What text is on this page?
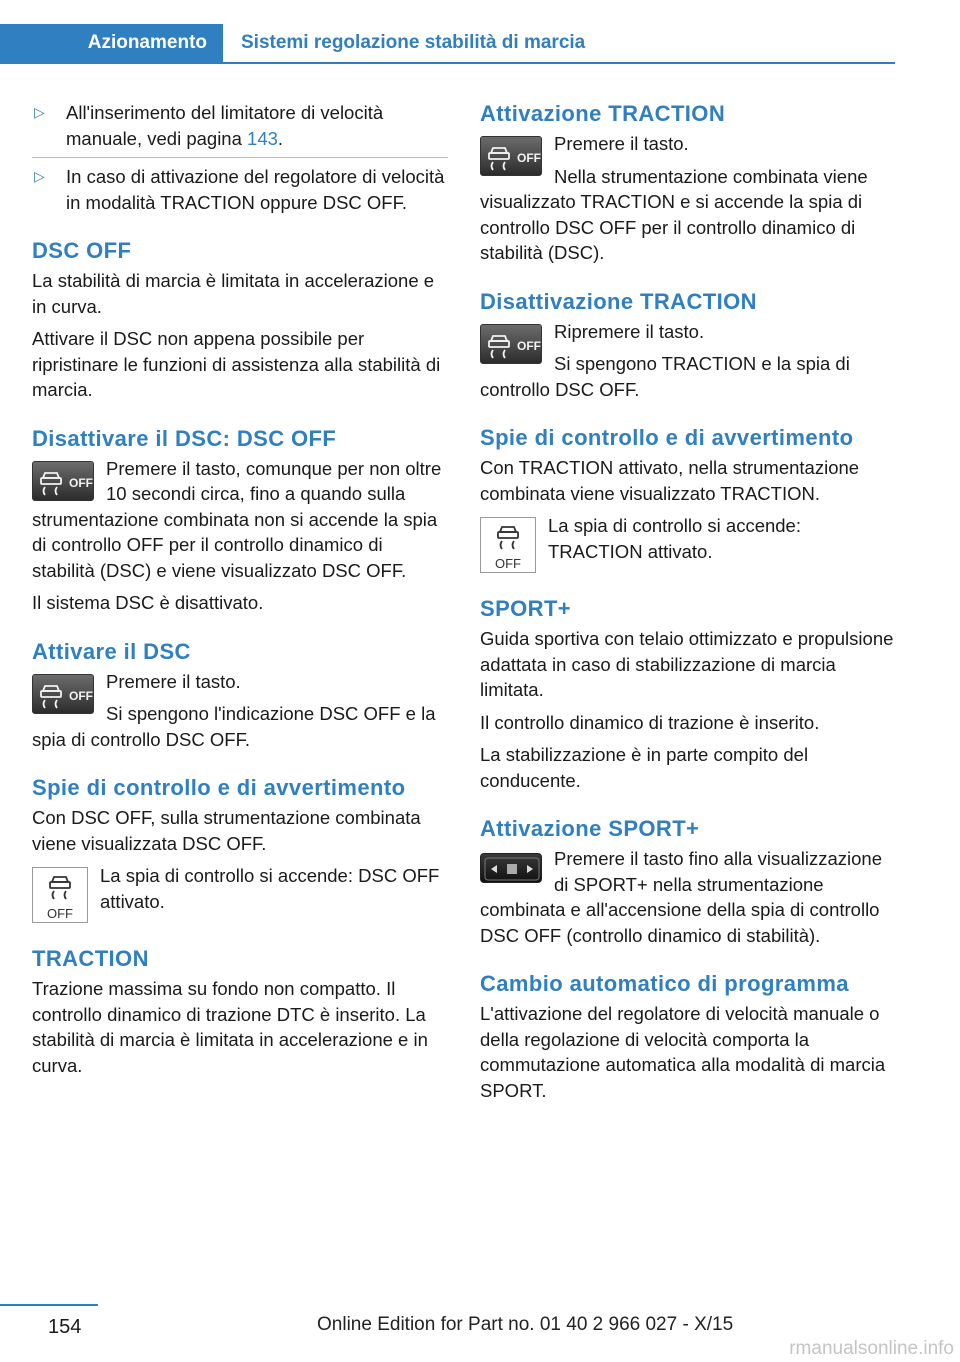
Azionamento	Sistemi regolazione stabilità di marcia
▷ All'inserimento del limitatore di velocità manuale, vedi pagina 143.
▷ In caso di attivazione del regolatore di velocità in modalità TRACTION oppure DSC OFF.
DSC OFF

La stabilità di marcia è limitata in accelerazione e in curva.

Attivare il DSC non appena possibile per ripristinare le funzioni di assistenza alla stabilità di marcia.

Disattivare il DSC: DSC OFF
OFF

Premere il tasto, comunque per non oltre 10 secondi circa, fino a quando sulla strumentazione combinata non si accende la spia di controllo OFF per il controllo dinamico di stabilità (DSC) e viene visualizzato DSC OFF.

Il sistema DSC è disattivato.

Attivare il DSC
OFF

Premere il tasto.

Si spengono l'indicazione DSC OFF e la spia di controllo DSC OFF.

Spie di controllo e di avvertimento

Con DSC OFF, sulla strumentazione combinata viene visualizzata DSC OFF.

OFF
La spia di controllo si accende: DSC OFF attivato.
TRACTION

Trazione massima su fondo non compatto. Il controllo dinamico di trazione DTC è inserito. La stabilità di marcia è limitata in accelerazione e in curva.

Attivazione TRACTION
OFF

Premere il tasto.

Nella strumentazione combinata viene visualizzato TRACTION e si accende la spia di controllo DSC OFF per il controllo dinamico di stabilità (DSC).

Disattivazione TRACTION
OFF

Ripremere il tasto.

Si spengono TRACTION e la spia di controllo DSC OFF.

Spie di controllo e di avvertimento

Con TRACTION attivato, nella strumentazione combinata viene visualizzato TRACTION.

OFF
La spia di controllo si accende: TRACTION attivato.
SPORT+

Guida sportiva con telaio ottimizzato e propulsione adattata in caso di stabilizzazione di marcia limitata.

Il controllo dinamico di trazione è inserito.

La stabilizzazione è in parte compito del conducente.

Attivazione SPORT+

Premere il tasto fino alla visualizzazione di SPORT+ nella strumentazione combinata e all'accensione della spia di controllo DSC OFF (controllo dinamico di stabilità).

Cambio automatico di programma

L'attivazione del regolatore di velocità manuale o della regolazione di velocità comporta la commutazione automatica alla modalità di marcia SPORT.

154	Online Edition for Part no. 01 40 2 966 027 - X/15
rmanualsonline.info
